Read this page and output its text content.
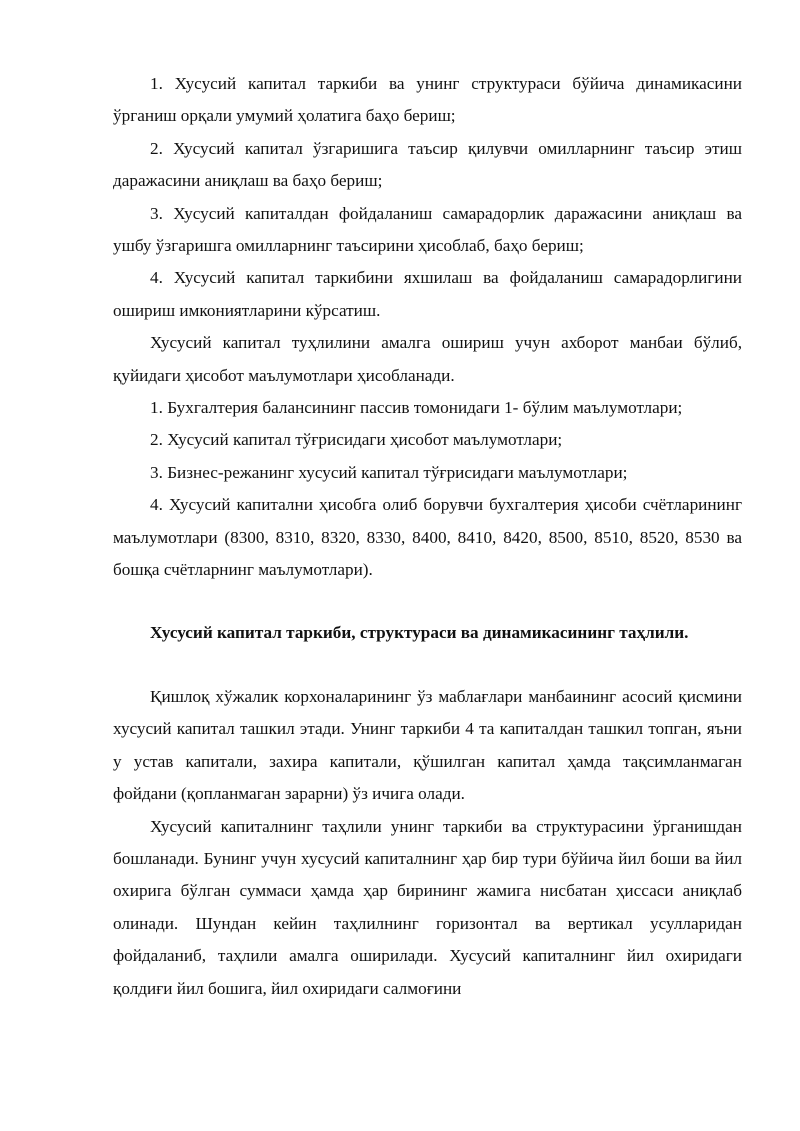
1. Хусусий капитал таркиби ва унинг структураси бўйича динамикасини ўрганиш орқали умумий ҳолатига баҳо бериш;

2. Хусусий капитал ўзгаришига таъсир қилувчи омилларнинг таъсир этиш даражасини аниқлаш ва баҳо бериш;

3. Хусусий капиталдан фойдаланиш самарадорлик даражасини аниқлаш ва ушбу ўзгаришга омилларнинг таъсирини ҳисоблаб, баҳо бериш;

4. Хусусий капитал таркибини яхшилаш ва фойдаланиш самарадорлигини ошириш имкониятларини кўрсатиш.

Хусусий капитал туҳлилини амалга ошириш учун ахборот манбаи бўлиб, қуйидаги ҳисобот маълумотлари ҳисобланади.

1. Бухгалтерия балансининг пассив томонидаги 1- бўлим маълумотлари;

2. Хусусий капитал тўғрисидаги ҳисобот маълумотлари;

3. Бизнес-режанинг хусусий капитал тўғрисидаги маълумотлари;

4. Хусусий капитални ҳисобга олиб борувчи бухгалтерия ҳисоби счётларининг маълумотлари (8300, 8310, 8320, 8330, 8400, 8410, 8420, 8500, 8510, 8520, 8530 ва бошқа счётларнинг маълумотлари).

Хусусий капитал таркиби, структураси ва динамикасининг таҳлили.

Қишлоқ хўжалик корхоналарининг ўз маблағлари манбаининг асосий қисмини хусусий капитал ташкил этади. Унинг таркиби 4 та капиталдан ташкил топган, яъни у устав капитали, захира капитали, қўшилган капитал ҳамда тақсимланмаган фойдани (қопланмаган зарарни) ўз ичига олади.

Хусусий капиталнинг таҳлили унинг таркиби ва структурасини ўрганишдан бошланади. Бунинг учун хусусий капиталнинг ҳар бир тури бўйича йил боши ва йил охирига бўлган суммаси ҳамда ҳар бирининг жамига нисбатан ҳиссаси аниқлаб олинади. Шундан кейин таҳлилнинг горизонтал ва вертикал усулларидан фойдаланиб, таҳлили амалга оширилади. Хусусий капиталнинг йил охиридаги қолдиғи йил бошига, йил охиридаги салмоғини
